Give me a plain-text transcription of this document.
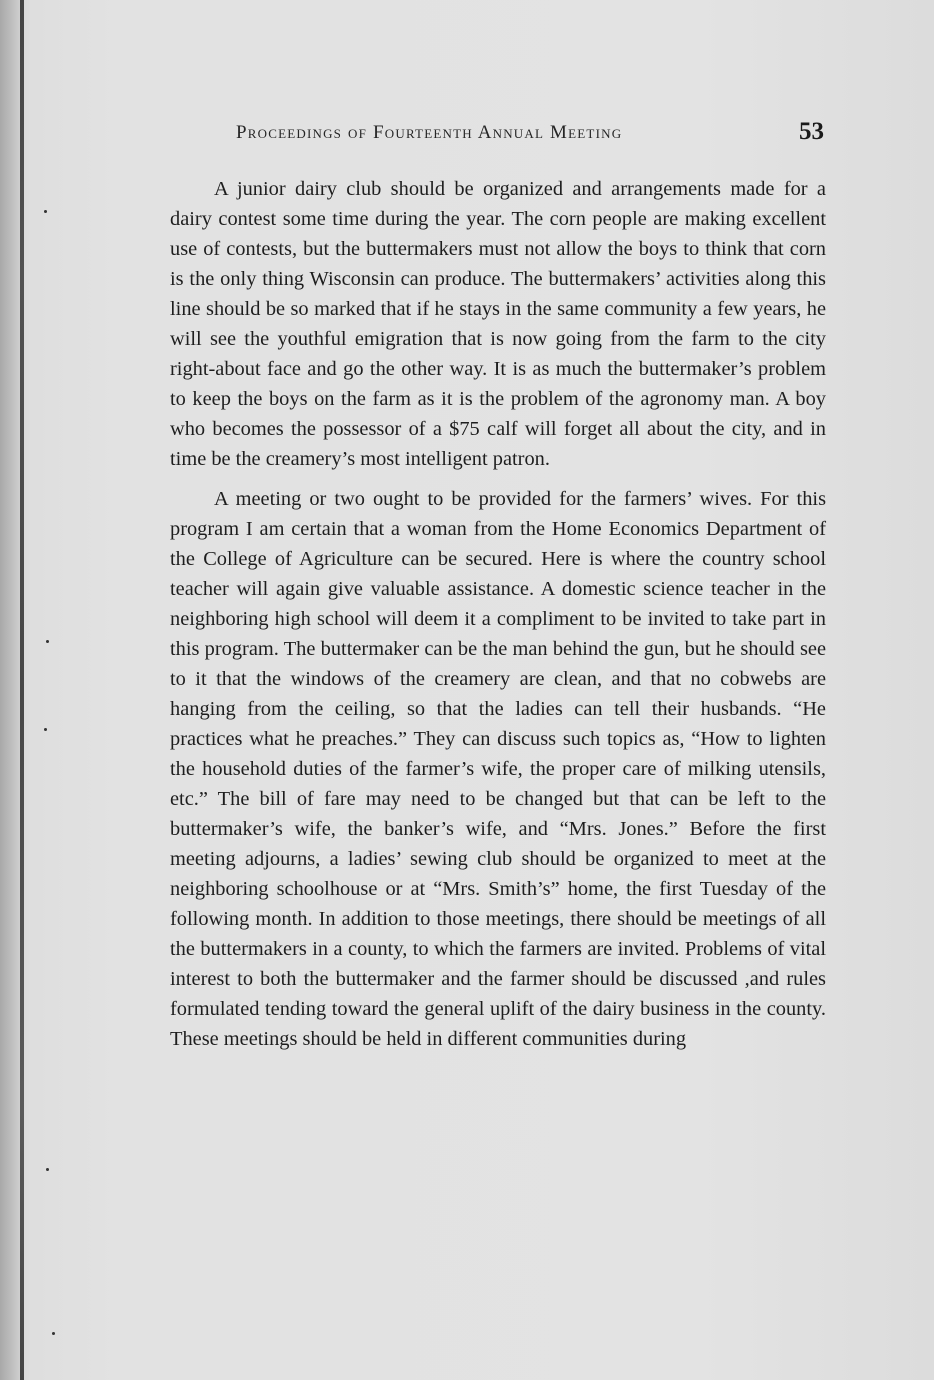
Proceedings of Fourteenth Annual Meeting	53

A junior dairy club should be organized and arrangements made for a dairy contest some time during the year. The corn people are making excellent use of contests, but the buttermakers must not allow the boys to think that corn is the only thing Wisconsin can produce. The buttermakers’ activities along this line should be so marked that if he stays in the same community a few years, he will see the youthful emigration that is now going from the farm to the city right-about face and go the other way. It is as much the buttermaker’s problem to keep the boys on the farm as it is the problem of the agronomy man. A boy who becomes the possessor of a $75 calf will forget all about the city, and in time be the creamery’s most intelligent patron.

A meeting or two ought to be provided for the farmers’ wives. For this program I am certain that a woman from the Home Economics Department of the College of Agriculture can be secured. Here is where the country school teacher will again give valuable assistance. A domestic science teacher in the neighboring high school will deem it a compliment to be invited to take part in this program. The buttermaker can be the man behind the gun, but he should see to it that the windows of the creamery are clean, and that no cobwebs are hanging from the ceiling, so that the ladies can tell their husbands. “He practices what he preaches.” They can discuss such topics as, “How to lighten the household duties of the farmer’s wife, the proper care of milking utensils, etc.” The bill of fare may need to be changed but that can be left to the buttermaker’s wife, the banker’s wife, and “Mrs. Jones.” Before the first meeting adjourns, a ladies’ sewing club should be organized to meet at the neighboring schoolhouse or at “Mrs. Smith’s” home, the first Tuesday of the following month. In addition to those meetings, there should be meetings of all the buttermakers in a county, to which the farmers are invited. Problems of vital interest to both the buttermaker and the farmer should be discussed ,and rules formulated tending toward the general uplift of the dairy business in the county. These meetings should be held in different communities during
